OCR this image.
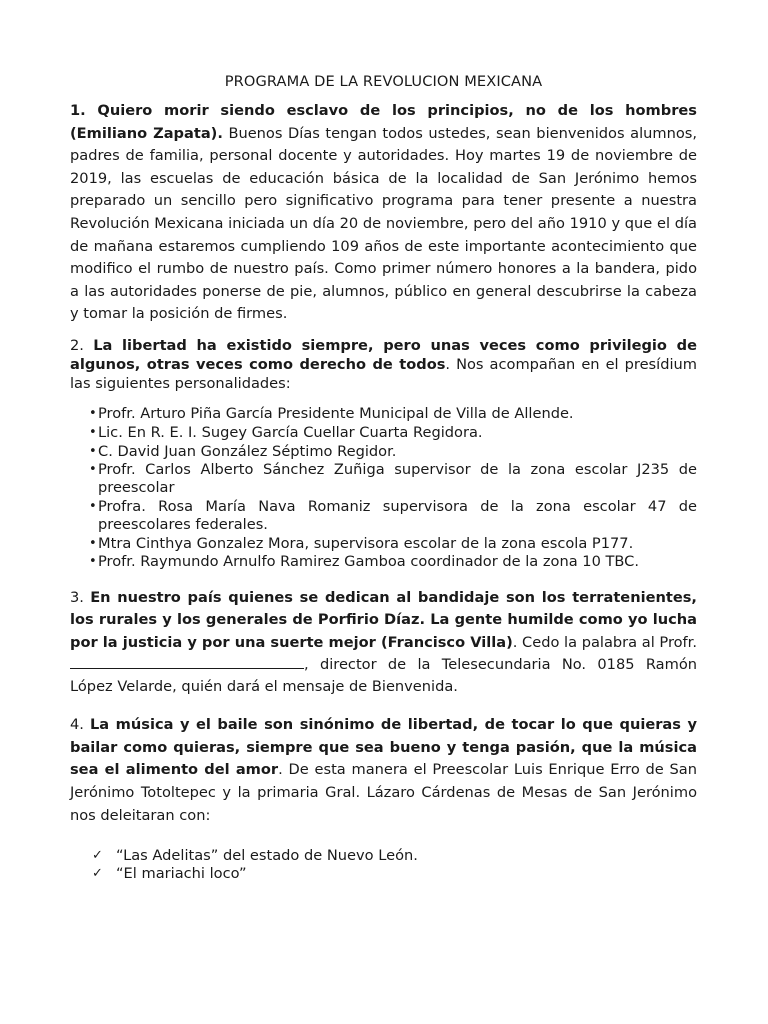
PROGRAMA DE LA REVOLUCION MEXICANA

1. Quiero morir siendo esclavo de los principios, no de los hombres (Emiliano Zapata). Buenos Días tengan todos ustedes, sean bienvenidos alumnos, padres de familia, personal docente y autoridades. Hoy martes 19 de noviembre de 2019, las escuelas de educación básica de la localidad de San Jerónimo hemos preparado un sencillo pero significativo programa para tener presente a nuestra Revolución Mexicana iniciada un día 20 de noviembre, pero del año 1910 y que el día de mañana estaremos cumpliendo 109 años de este importante acontecimiento que modifico el rumbo de nuestro país. Como primer número honores a la bandera, pido a las autoridades ponerse de pie, alumnos, público en general descubrirse la cabeza y tomar la posición de firmes.

2. La libertad ha existido siempre, pero unas veces como privilegio de algunos, otras veces como derecho de todos. Nos acompañan en el presídium las siguientes personalidades:

• Profr. Arturo Piña García Presidente Municipal de Villa de Allende.
• Lic. En R. E. I. Sugey García Cuellar Cuarta Regidora.
• C. David Juan González Séptimo Regidor.
• Profr. Carlos Alberto Sánchez Zuñiga supervisor de la zona escolar J235 de preescolar
• Profra. Rosa María Nava Romaniz supervisora de la zona escolar 47 de preescolares federales.
• Mtra Cinthya Gonzalez Mora, supervisora escolar de la zona escola P177.
• Profr. Raymundo Arnulfo Ramirez Gamboa coordinador de la zona 10 TBC.

3. En nuestro país quienes se dedican al bandidaje son los terratenientes, los rurales y los generales de Porfirio Díaz. La gente humilde como yo lucha por la justicia y por una suerte mejor (Francisco Villa). Cedo la palabra al Profr. , director de la Telesecundaria No. 0185 Ramón López Velarde, quién dará el mensaje de Bienvenida.

4. La música y el baile son sinónimo de libertad, de tocar lo que quieras y bailar como quieras, siempre que sea bueno y tenga pasión, que la música sea el alimento del amor. De esta manera el Preescolar Luis Enrique Erro de San Jerónimo Totoltepec y la primaria Gral. Lázaro Cárdenas de Mesas de San Jerónimo nos deleitaran con:

✓ “Las Adelitas” del estado de Nuevo León.
✓ “El mariachi loco”
